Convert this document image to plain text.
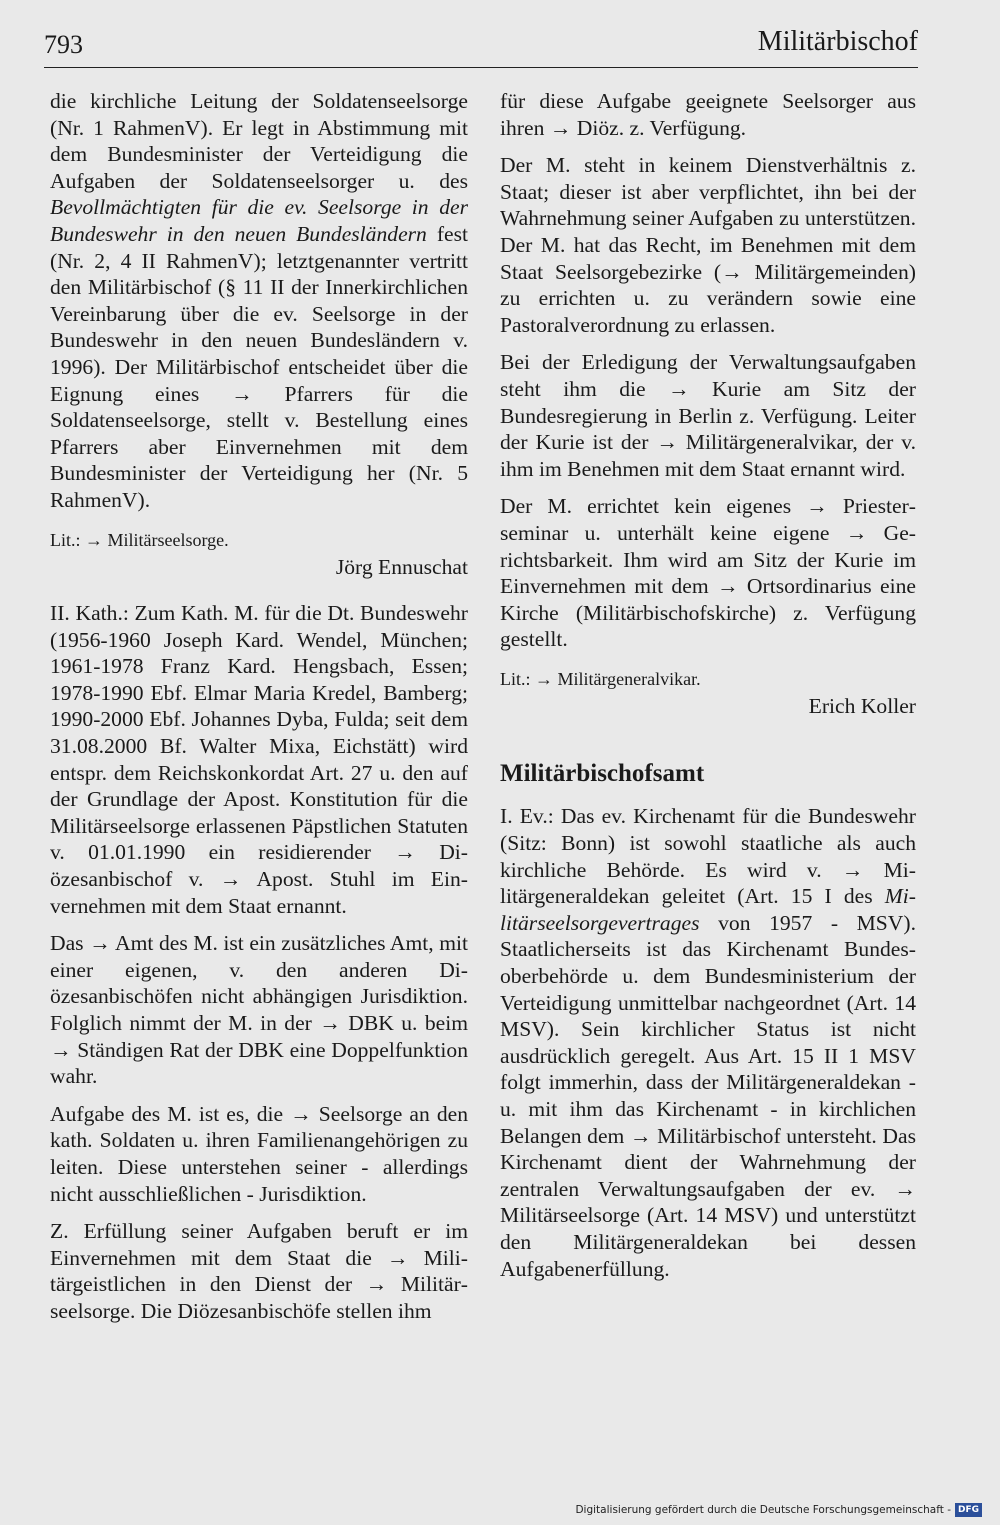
793	Militärbischof

die kirchliche Leitung der Soldatenseelsorge (Nr. 1 RahmenV). Er legt in Abstimmung mit dem Bundesminister der Verteidigung die Aufgaben der Soldatenseelsorger u. des Bevollmächtigten für die ev. Seelsorge in der Bundeswehr in den neuen Bundesländern fest (Nr. 2, 4 II RahmenV); letztgenannter vertritt den Militärbischof (§ 11 II der Innerkirchlichen Vereinbarung über die ev. Seelsorge in der Bundeswehr in den neuen Bundesländern v. 1996). Der Militärbischof entscheidet über die Eignung eines → Pfarrers für die Soldatenseelsorge, stellt v. Bestellung eines Pfarrers aber Einvernehmen mit dem Bundesminister der Verteidigung her (Nr. 5 RahmenV).

Lit.: → Militärseelsorge.

Jörg Ennuschat

II. Kath.: Zum Kath. M. für die Dt. Bundeswehr (1956-1960 Joseph Kard. Wendel, München; 1961-1978 Franz Kard. Hengsbach, Essen; 1978-1990 Ebf. Elmar Maria Kredel, Bamberg; 1990-2000 Ebf. Johannes Dyba, Fulda; seit dem 31.08.2000 Bf. Walter Mixa, Eichstätt) wird entspr. dem Reichskonkordat Art. 27 u. den auf der Grundlage der Apost. Konstitution für die Militärseelsorge erlassenen Päpstlichen Statuten v. 01.01.1990 ein residierender → Diözesanbischof v. → Apost. Stuhl im Einvernehmen mit dem Staat ernannt.

Das → Amt des M. ist ein zusätzliches Amt, mit einer eigenen, v. den anderen Diözesanbischöfen nicht abhängigen Jurisdiktion. Folglich nimmt der M. in der → DBK u. beim → Ständigen Rat der DBK eine Doppelfunktion wahr.

Aufgabe des M. ist es, die → Seelsorge an den kath. Soldaten u. ihren Familienangehörigen zu leiten. Diese unterstehen seiner - allerdings nicht ausschließlichen - Jurisdiktion.

Z. Erfüllung seiner Aufgaben beruft er im Einvernehmen mit dem Staat die → Militärgeistlichen in den Dienst der → Militärseelsorge. Die Diözesanbischöfe stellen ihm

für diese Aufgabe geeignete Seelsorger aus ihren → Diöz. z. Verfügung.

Der M. steht in keinem Dienstverhältnis z. Staat; dieser ist aber verpflichtet, ihn bei der Wahrnehmung seiner Aufgaben zu unterstützen. Der M. hat das Recht, im Benehmen mit dem Staat Seelsorgebezirke (→ Militärgemeinden) zu errichten u. zu verändern sowie eine Pastoralverordnung zu erlassen.

Bei der Erledigung der Verwaltungsaufgaben steht ihm die → Kurie am Sitz der Bundesregierung in Berlin z. Verfügung. Leiter der Kurie ist der → Militärgeneralvikar, der v. ihm im Benehmen mit dem Staat ernannt wird.

Der M. errichtet kein eigenes → Priesterseminar u. unterhält keine eigene → Gerichtsbarkeit. Ihm wird am Sitz der Kurie im Einvernehmen mit dem → Ortsordinarius eine Kirche (Militärbischofskirche) z. Verfügung gestellt.

Lit.: → Militärgeneralvikar.

Erich Koller

Militärbischofsamt

I. Ev.: Das ev. Kirchenamt für die Bundeswehr (Sitz: Bonn) ist sowohl staatliche als auch kirchliche Behörde. Es wird v. → Militärgeneraldekan geleitet (Art. 15 I des Militärseelsorgevertrages von 1957 - MSV). Staatlicherseits ist das Kirchenamt Bundesoberbehörde u. dem Bundesministerium der Verteidigung unmittelbar nachgeordnet (Art. 14 MSV). Sein kirchlicher Status ist nicht ausdrücklich geregelt. Aus Art. 15 II 1 MSV folgt immerhin, dass der Militärgeneraldekan - u. mit ihm das Kirchenamt - in kirchlichen Belangen dem → Militärbischof untersteht. Das Kirchenamt dient der Wahrnehmung der zentralen Verwaltungsaufgaben der ev. → Militärseelsorge (Art. 14 MSV) und unterstützt den Militärgeneraldekan bei dessen Aufgabenerfüllung.

Digitalisierung gefördert durch die Deutsche Forschungsgemeinschaft - DFG
